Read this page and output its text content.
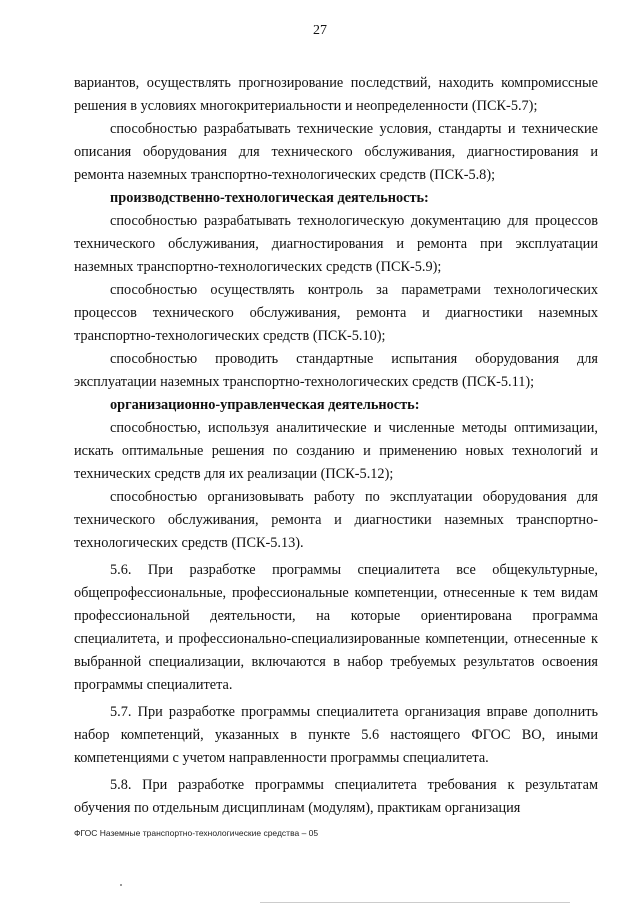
27

вариантов, осуществлять прогнозирование последствий, находить компромиссные решения в условиях многокритериальности и неопределенности (ПСК-5.7);

способностью разрабатывать технические условия, стандарты и технические описания оборудования для технического обслуживания, диагностирования и ремонта наземных транспортно-технологических средств (ПСК-5.8);

производственно-технологическая деятельность:

способностью разрабатывать технологическую документацию для процессов технического обслуживания, диагностирования и ремонта при эксплуатации наземных транспортно-технологических средств (ПСК-5.9);

способностью осуществлять контроль за параметрами технологических процессов технического обслуживания, ремонта и диагностики наземных транспортно-технологических средств (ПСК-5.10);

способностью проводить стандартные испытания оборудования для эксплуатации наземных транспортно-технологических средств (ПСК-5.11);

организационно-управленческая деятельность:

способностью, используя аналитические и численные методы оптимизации, искать оптимальные решения по созданию и применению новых технологий и технических средств для их реализации (ПСК-5.12);

способностью организовывать работу по эксплуатации оборудования для технического обслуживания, ремонта и диагностики наземных транспортно-технологических средств (ПСК-5.13).

5.6. При разработке программы специалитета все общекультурные, общепрофессиональные, профессиональные компетенции, отнесенные к тем видам профессиональной деятельности, на которые ориентирована программа специалитета, и профессионально-специализированные компетенции, отнесенные к выбранной специализации, включаются в набор требуемых результатов освоения программы специалитета.

5.7. При разработке программы специалитета организация вправе дополнить набор компетенций, указанных в пункте 5.6 настоящего ФГОС ВО, иными компетенциями с учетом направленности программы специалитета.

5.8. При разработке программы специалитета требования к результатам обучения по отдельным дисциплинам (модулям), практикам организация

ФГОС Наземные транспортно-технологические средства – 05
